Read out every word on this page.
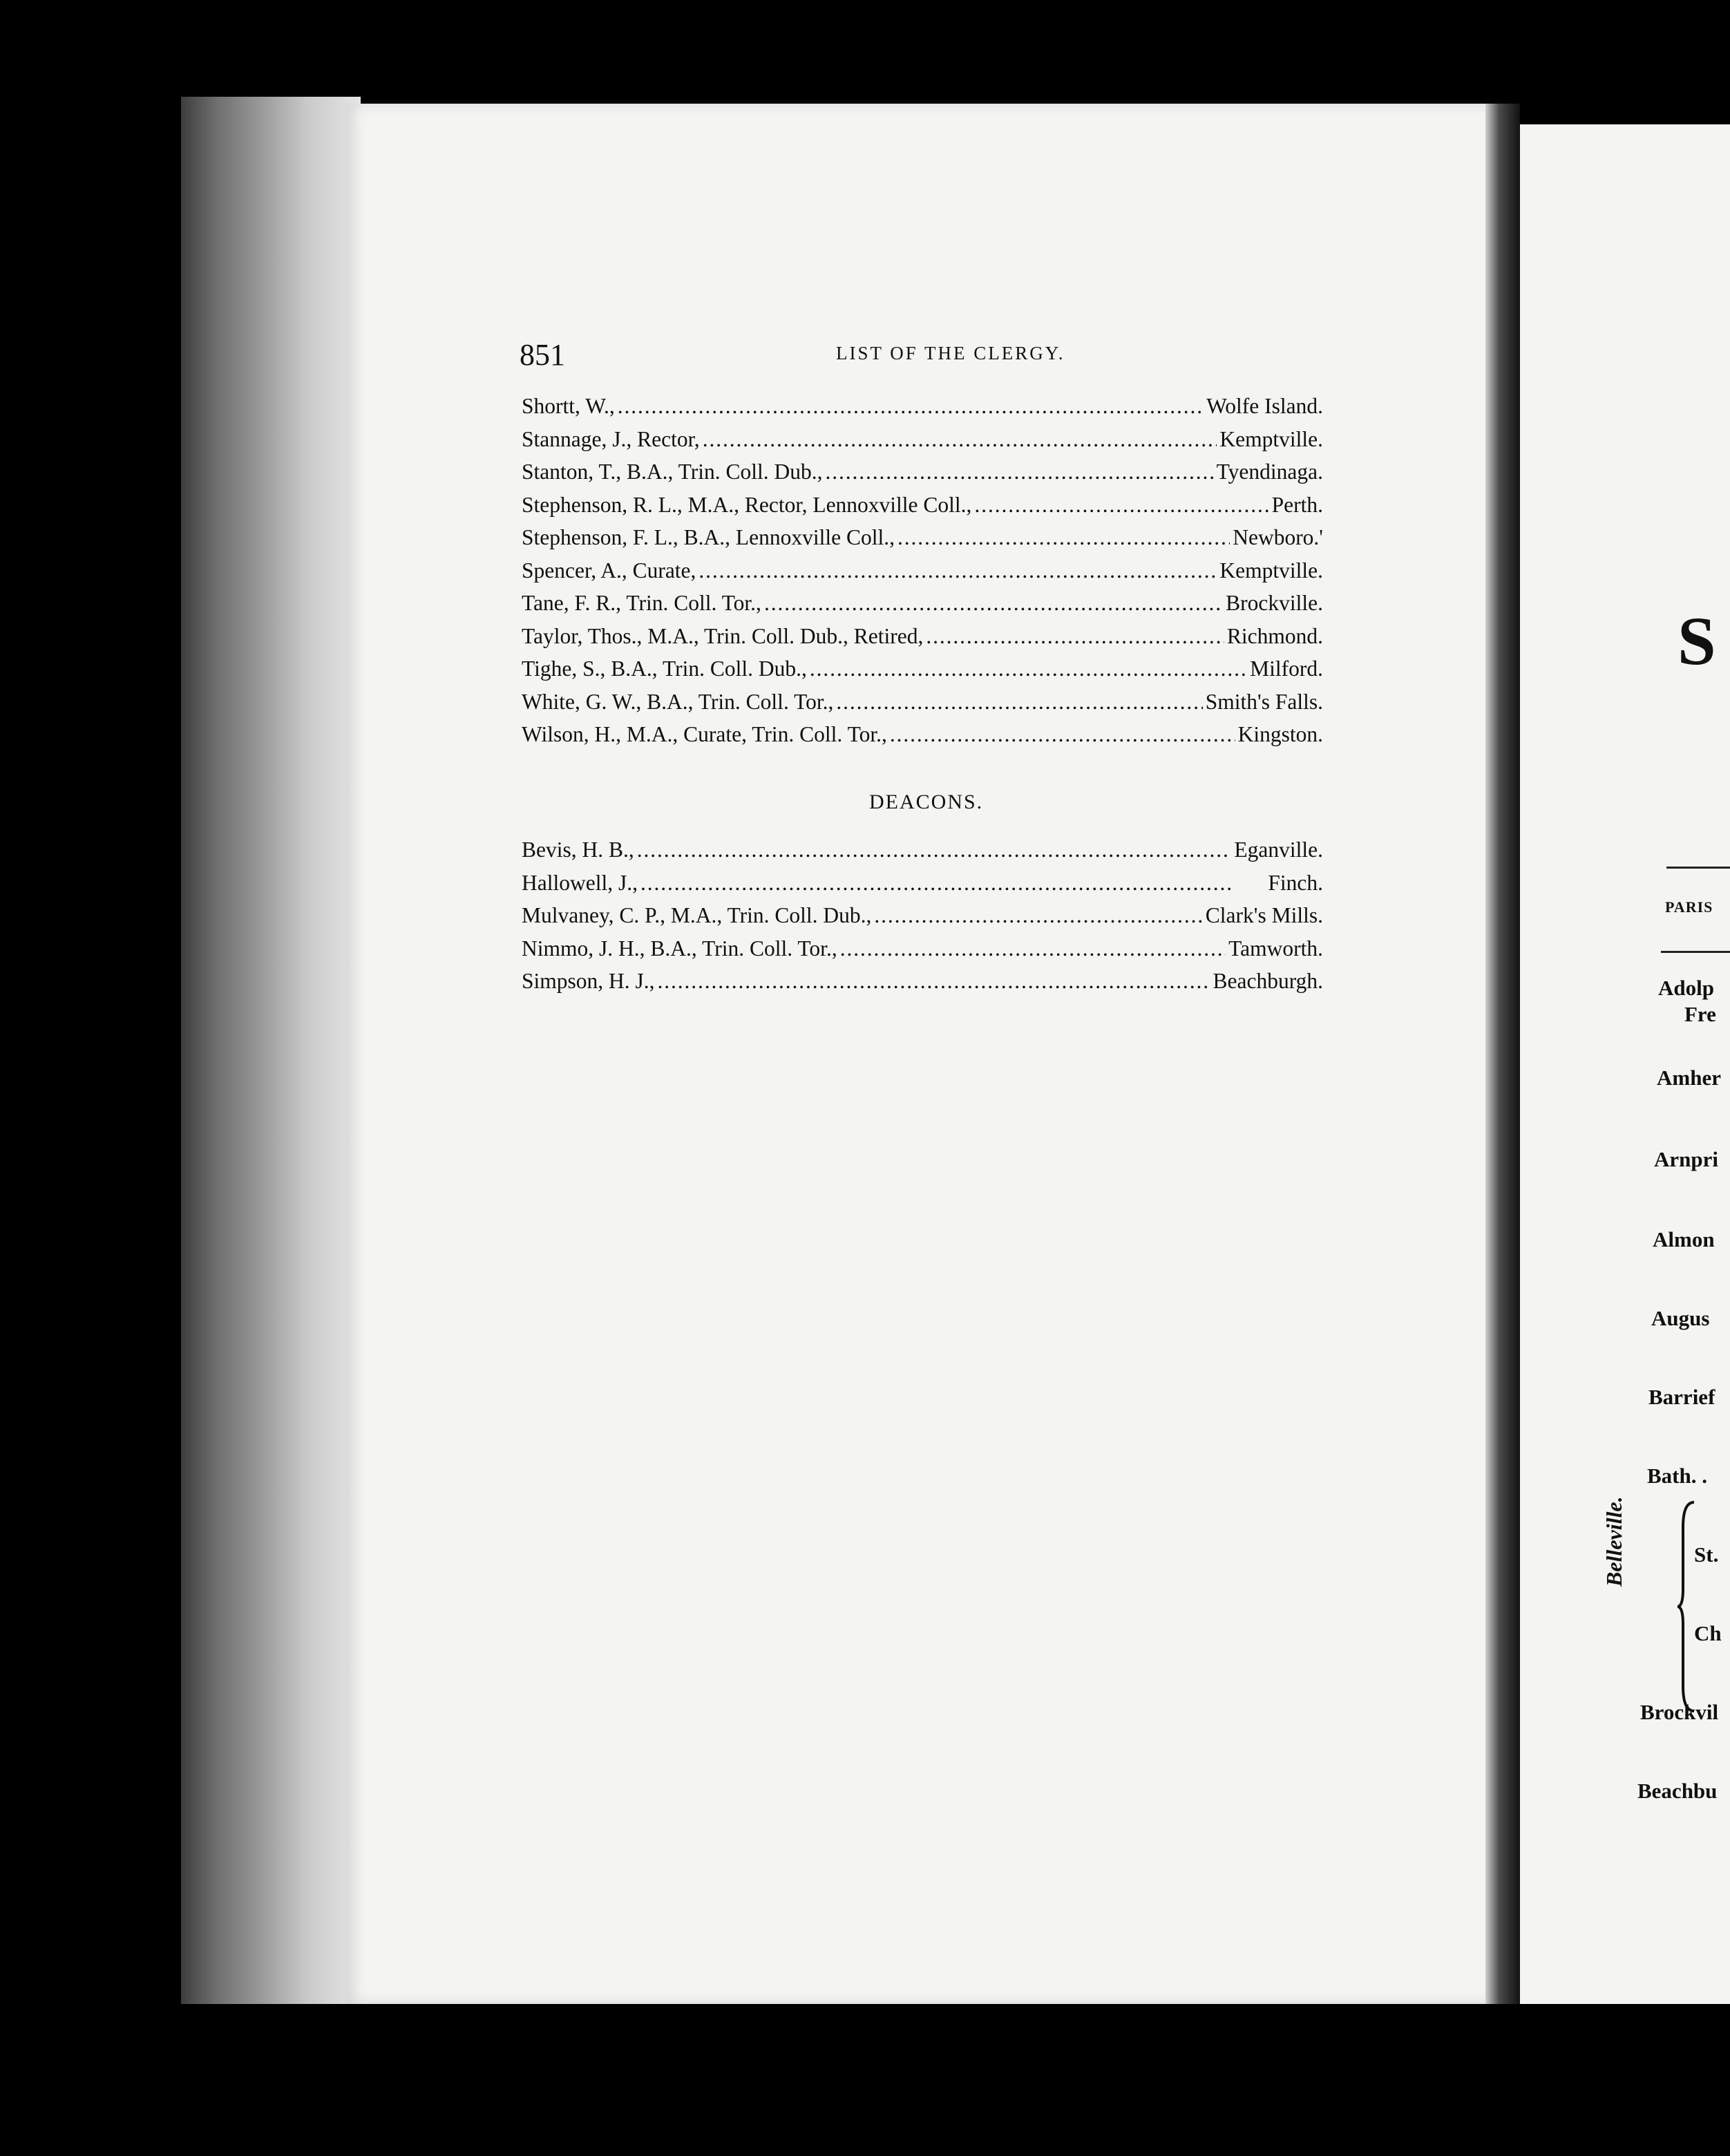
851	LIST OF THE CLERGY.
Shortt, W., . . .	Wolfe Island.
Stannage, J., Rector, . . .	Kemptville.
Stanton, T., B.A., Trin. Coll. Dub., . . .	Tyendinaga.
Stephenson, R. L., M.A., Rector, Lennoxville Coll., . . .	Perth.
Stephenson, F. L., B.A., Lennoxville Coll., . . .	Newboro.'
Spencer, A., Curate, . . .	Kemptville.
Tane, F. R., Trin. Coll. Tor., . . .	Brockville.
Taylor, Thos., M.A., Trin. Coll. Dub., Retired, . . .	Richmond.
Tighe, S., B.A., Trin. Coll. Dub., . . .	Milford.
White, G. W., B.A., Trin. Coll. Tor., . . .	Smith's Falls.
Wilson, H., M.A., Curate, Trin. Coll. Tor., . . .	Kingston.
DEACONS.
Bevis, H. B., . . .	Eganville.
Hallowell, J., . . .	Finch.
Mulvaney, C. P., M.A., Trin. Coll. Dub., . . .	Clark's Mills.
Nimmo, J. H., B.A., Trin. Coll. Tor., . . .	Tamworth.
Simpson, H. J., . . .	Beachburgh.
S
PARIS
Adolp
Fre
Amher
Arnpri
Almon
Augus
Barrief
Bath. .
Belleville.	St.
Ch
Brockvil
Beachbu
